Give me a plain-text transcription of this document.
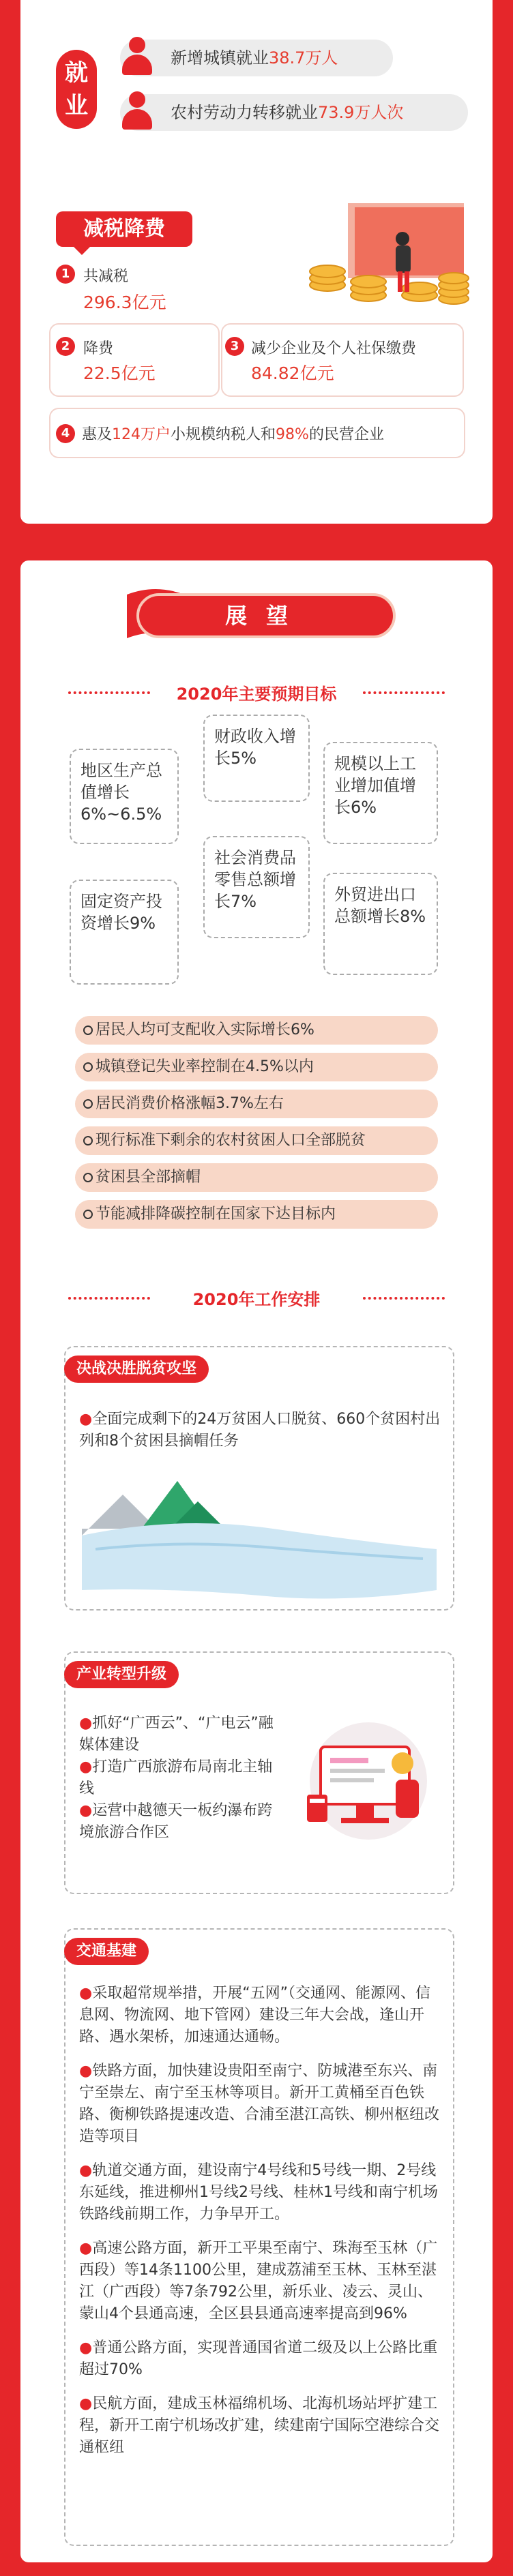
就业
新增城镇就业38.7万人
农村劳动力转移就业73.9万人次
减税降费
1 共减税
296.3亿元
2 降费
22.5亿元
3 减少企业及个人社保缴费
84.82亿元
4 惠及124万户小规模纳税人和98%的民营企业
展望
2020年主要预期目标
地区生产总值增长6%~6.5%
财政收入增长5%	规模以上工业增加值增长6%
固定资产投资增长9%
社会消费品零售总额增长7%	外贸进出口总额增长8%
居民人均可支配收入实际增长6%
城镇登记失业率控制在4.5%以内
居民消费价格涨幅3.7%左右
现行标准下剩余的农村贫困人口全部脱贫
贫困县全部摘帽
节能减排降碳控制在国家下达目标内
2020年工作安排
决战决胜脱贫攻坚
●全面完成剩下的24万贫困人口脱贫、660个贫困村出列和8个贫困县摘帽任务
产业转型升级
●抓好“广西云”、“广电云”融媒体建设
●打造广西旅游布局南北主轴线
●运营中越德天一板约瀑布跨境旅游合作区
交通基建
●采取超常规举措，开展“五网”（交通网、能源网、信息网、物流网、地下管网）建设三年大会战，逢山开路、遇水架桥，加速通达通畅。
●铁路方面，加快建设贵阳至南宁、防城港至东兴、南宁至崇左、南宁至玉林等项目。新开工黄桶至百色铁路、衡柳铁路提速改造、合浦至湛江高铁、柳州枢纽改造等项目
●轨道交通方面，建设南宁4号线和5号线一期、2号线东延线，推进柳州1号线2号线、桂林1号线和南宁机场铁路线前期工作，力争早开工。
●高速公路方面，新开工平果至南宁、珠海至玉林（广西段）等14条1100公里，建成荔浦至玉林、玉林至湛江（广西段）等7条792公里，新乐业、凌云、灵山、蒙山4个县通高速，全区县县通高速率提高到96%
●普通公路方面，实现普通国省道二级及以上公路比重超过70%
●民航方面，建成玉林福绵机场、北海机场站坪扩建工程，新开工南宁机场改扩建，续建南宁国际空港综合交通枢纽
